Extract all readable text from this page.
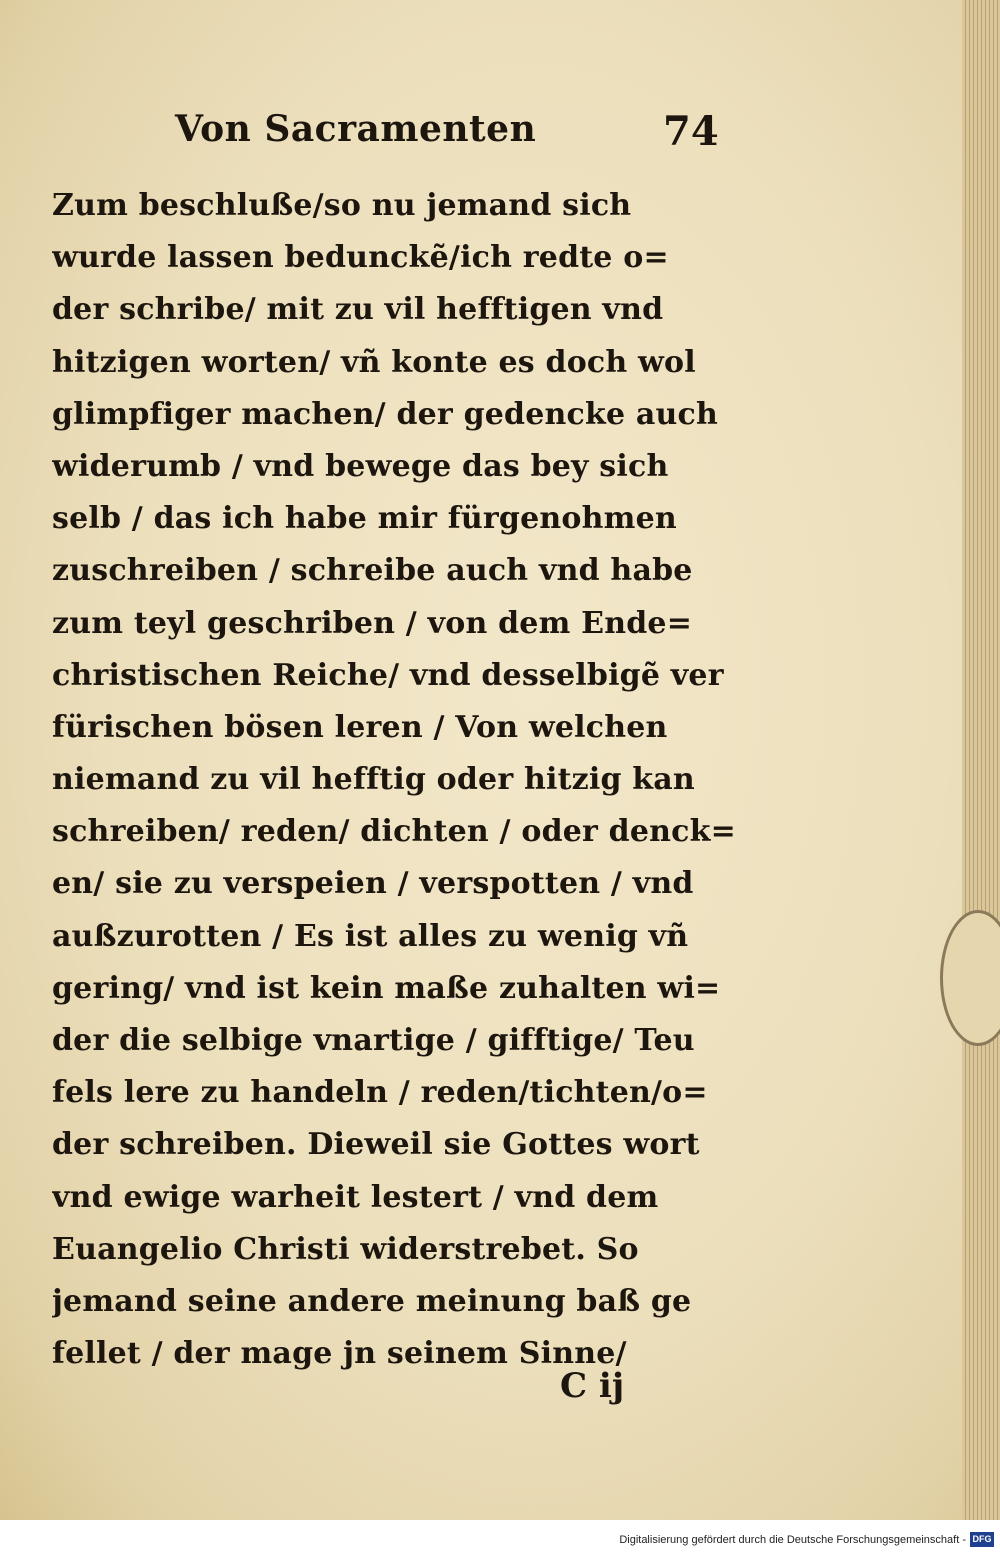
Von Sacramenten	74
Zum beschluße/so nu jemand sich
wurde lassen bedunckẽ/ich redte o=
der schribe/ mit zu vil hefftigen vnd
hitzigen worten/ vñ konte es doch wol
glimpfiger machen/ der gedencke auch
widerumb / vnd bewege das bey sich
selb / das ich habe mir fürgenohmen
zuschreiben / schreibe auch vnd habe
zum teyl geschriben / von dem Ende=
christischen Reiche/ vnd desselbigẽ ver
fürischen bösen leren / Von welchen
niemand zu vil hefftig oder hitzig kan
schreiben/ reden/ dichten / oder denck=
en/ sie zu verspeien / verspotten / vnd
außzurotten / Es ist alles zu wenig vñ
gering/ vnd ist kein maße zuhalten wi=
der die selbige vnartige / gifftige/ Teu
fels lere zu handeln / reden/tichten/o=
der schreiben. Dieweil sie Gottes wort
vnd ewige warheit lestert / vnd dem
Euangelio Christi widerstrebet. So
jemand seine andere meinung baß ge
fellet / der mage jn seinem Sinne/
C ij
Digitalisierung gefördert durch die Deutsche Forschungsgemeinschaft - DFG
